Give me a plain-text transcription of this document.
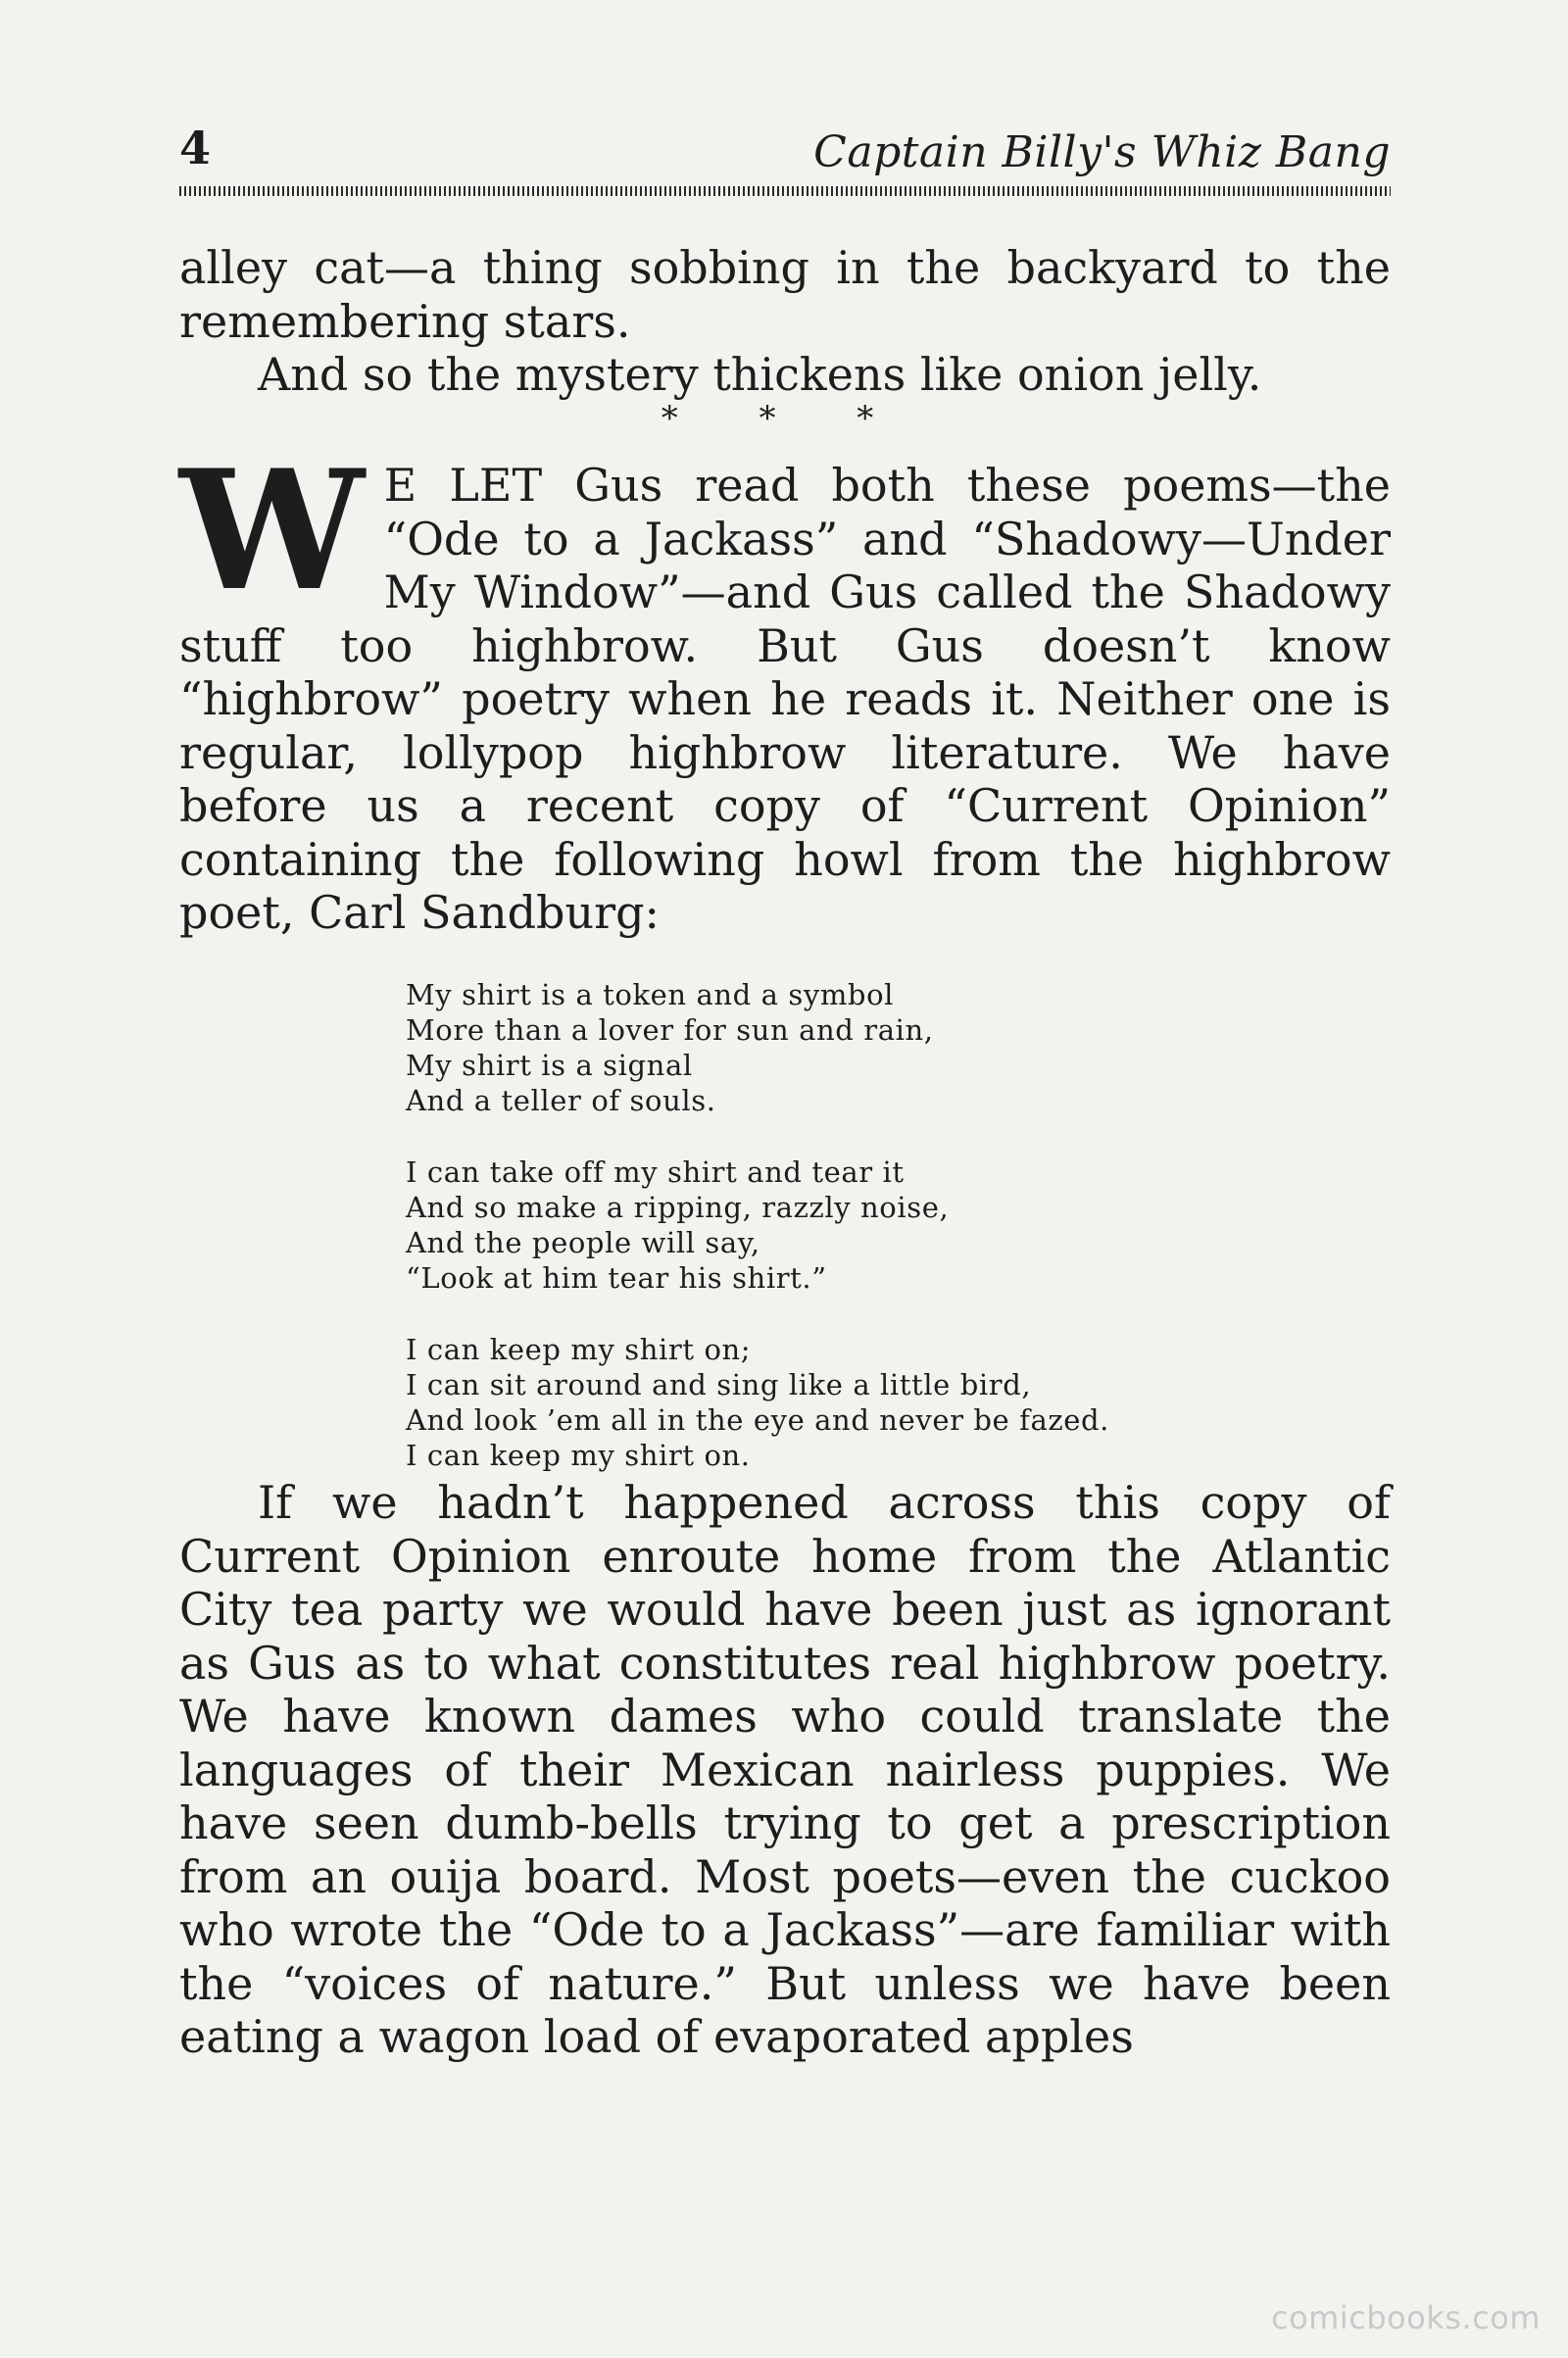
4	Captain Billy's Whiz Bang

alley cat—a thing sobbing in the backyard to the remembering stars.
And so the mystery thickens like onion jelly.

* * *

W E LET Gus read both these poems—the “Ode to a Jackass” and “Shadowy—Under My Window”—and Gus called the Shadowy stuff too highbrow. But Gus doesn’t know “highbrow” poetry when he reads it. Neither one is regular, lollypop highbrow literature. We have before us a recent copy of “Current Opinion” containing the following howl from the highbrow poet, Carl Sandburg:

My shirt is a token and a symbol
More than a lover for sun and rain,
My shirt is a signal
And a teller of souls.
I can take off my shirt and tear it
And so make a ripping, razzly noise,
And the people will say,
“Look at him tear his shirt.”
I can keep my shirt on;
I can sit around and sing like a little bird,
And look ’em all in the eye and never be fazed.
I can keep my shirt on.

If we hadn’t happened across this copy of Current Opinion enroute home from the Atlantic City tea party we would have been just as ignorant as Gus as to what constitutes real highbrow poetry. We have known dames who could translate the languages of their Mexican nairless puppies. We have seen dumb-bells trying to get a prescription from an ouija board. Most poets—even the cuckoo who wrote the “Ode to a Jackass”—are familiar with the “voices of nature.” But unless we have been eating a wagon load of evaporated apples

comicbooks.com
